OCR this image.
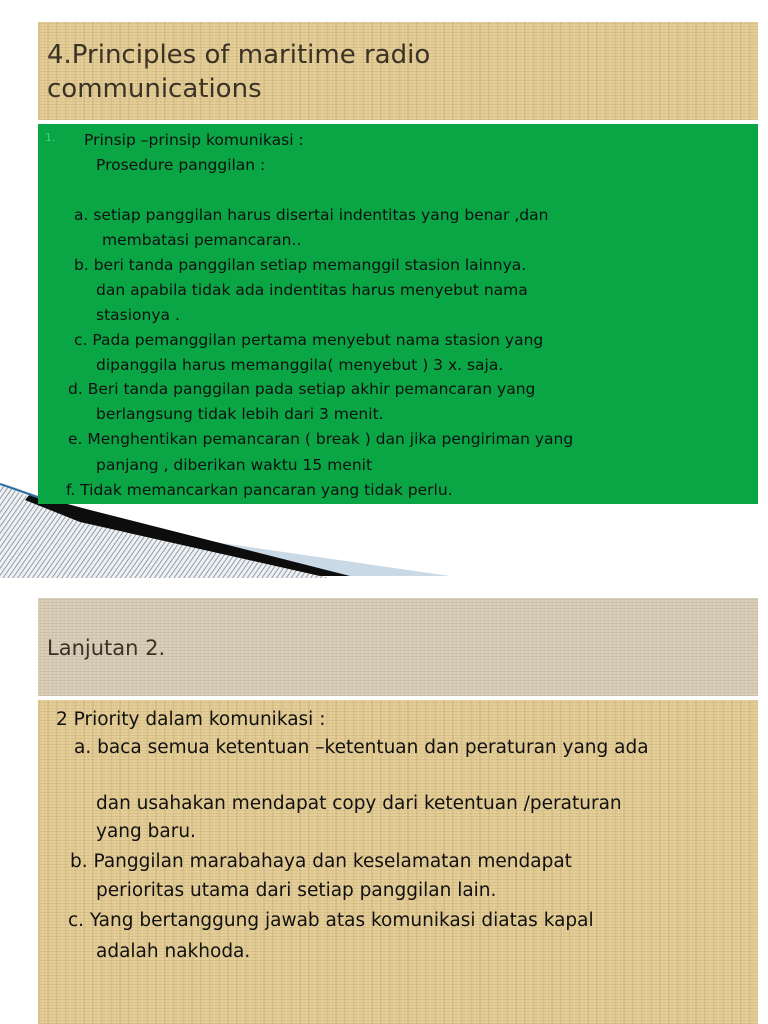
4.Principles of maritime radio
communications
1. Prinsip –prinsip komunikasi :
Prosedure panggilan :
a. setiap panggilan harus disertai indentitas yang benar ,dan
membatasi pemancaran..
b. beri tanda panggilan setiap memanggil stasion lainnya.
dan apabila tidak ada indentitas harus menyebut nama
stasionya .
c. Pada pemanggilan pertama menyebut nama stasion yang
dipanggila harus memanggila( menyebut ) 3 x. saja.
d. Beri tanda panggilan pada setiap akhir pemancaran yang
berlangsung tidak lebih dari 3 menit.
e. Menghentikan pemancaran ( break ) dan jika pengiriman yang
panjang , diberikan waktu 15 menit
f. Tidak memancarkan pancaran yang tidak perlu.
Lanjutan 2.
2 Priority dalam komunikasi :
a. baca semua ketentuan –ketentuan dan peraturan yang ada
dan usahakan mendapat copy dari ketentuan /peraturan
yang baru.
b. Panggilan marabahaya dan keselamatan mendapat
perioritas utama dari setiap panggilan lain.
c. Yang bertanggung jawab atas komunikasi diatas kapal
adalah nakhoda.
